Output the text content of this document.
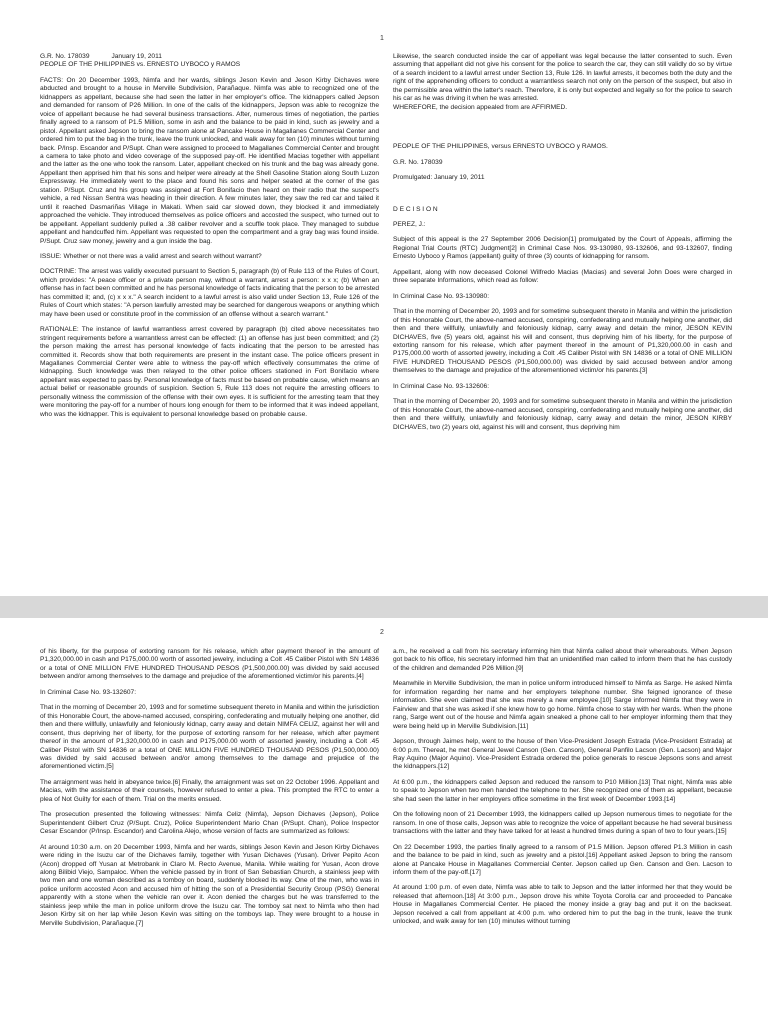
1

G.R. No. 178039            January 19, 2011

PEOPLE OF THE PHILIPPINES vs. ERNESTO UYBOCO y RAMOS

FACTS: On 20 December 1993, Nimfa and her wards, siblings Jeson Kevin and Jeson Kirby Dichaves were abducted and brought to a house in Merville Subdivision, Parañaque. Nimfa was able to recognized one of the kidnappers as appellant, because she had seen the latter in her employer's office. The kidnappers called Jepson and demanded for ransom of P26 Million. In one of the calls of the kidnappers, Jepson was able to recognize the voice of appellant because he had several business transactions. After, numerous times of negotiation, the parties finally agreed to a ransom of P1.5 Million, some in ash and the balance to be paid in kind, such as jewelry and a pistol. Appellant asked Jepson to bring the ransom alone at Pancake House in Magallanes Commercial Center and ordered him to put the bag in the trunk, leave the trunk unlocked, and walk away for ten (10) minutes without turning back. P/Insp. Escandor and P/Supt. Chan were assigned to proceed to Magallanes Commercial Center and brought a camera to take photo and video coverage of the supposed pay-off. He identified Macias together with appellant and the latter as the one who took the ransom. Later, appellant checked on his trunk and the bag was already gone. Appellant then apprised him that his sons and helper were already at the Shell Gasoline Station along South Luzon Expressway. He immediately went to the place and found his sons and helper seated at the corner of the gas station. P/Supt. Cruz and his group was assigned at Fort Bonifacio then heard on their radio that the suspect's vehicle, a red Nissan Sentra was heading in their direction. A few minutes later, they saw the red car and tailed it until it reached Dasmariñas Village in Makati. When said car slowed down, they blocked it and immediately approached the vehicle. They introduced themselves as police officers and accosted the suspect, who turned out to be appellant. Appellant suddenly pulled a .38 caliber revolver and a scuffle took place. They managed to subdue appellant and handcuffed him. Appellant was requested to open the compartment and a gray bag was found inside. P/Supt. Cruz saw money, jewelry and a gun inside the bag.

ISSUE: Whether or not there was a valid arrest and search without warrant?

DOCTRINE: The arrest was validly executed pursuant to Section 5, paragraph (b) of Rule 113 of the Rules of Court, which provides: "A peace officer or a private person may, without a warrant, arrest a person: x x x; (b) When an offense has in fact been committed and he has personal knowledge of facts indicating that the person to be arrested has committed it; and, (c) x x x." A search incident to a lawful arrest is also valid under Section 13, Rule 126 of the Rules of Court which states: "A person lawfully arrested may be searched for dangerous weapons or anything which may have been used or constitute proof in the commission of an offense without a search warrant."

RATIONALE: The instance of lawful warrantless arrest covered by paragraph (b) cited above necessitates two stringent requirements before a warrantless arrest can be effected: (1) an offense has just been committed; and (2) the person making the arrest has personal knowledge of facts indicating that the person to be arrested has committed it. Records show that both requirements are present in the instant case. The police officers present in Magallanes Commercial Center were able to witness the pay-off which effectively consummates the crime of kidnapping. Such knowledge was then relayed to the other police officers stationed in Fort Bonifacio where appellant was expected to pass by. Personal knowledge of facts must be based on probable cause, which means an actual belief or reasonable grounds of suspicion. Section 5, Rule 113 does not require the arresting officers to personally witness the commission of the offense with their own eyes. It is sufficient for the arresting team that they were monitoring the pay-off for a number of hours long enough for them to be informed that it was indeed appellant, who was the kidnapper. This is equivalent to personal knowledge based on probable cause.

Likewise, the search conducted inside the car of appellant was legal because the latter consented to such. Even assuming that appellant did not give his consent for the police to search the car, they can still validly do so by virtue of a search incident to a lawful arrest under Section 13, Rule 126. In lawful arrests, it becomes both the duty and the right of the apprehending officers to conduct a warrantless search not only on the person of the suspect, but also in the permissible area within the latter's reach. Therefore, it is only but expected and legally so for the police to search his car as he was driving it when he was arrested.

WHEREFORE, the decision appealed from are AFFIRMED.

PEOPLE OF THE PHILIPPINES, versus ERNESTO UYBOCO y RAMOS.

G.R. No. 178039

Promulgated: January 19, 2011

D E C I S I O N

PEREZ, J.:

Subject of this appeal is the 27 September 2006 Decision[1] promulgated by the Court of Appeals, affirming the Regional Trial Courts (RTC) Judgment[2] in Criminal Case Nos. 93-130980, 93-132606, and 93-132607, finding Ernesto Uyboco y Ramos (appellant) guilty of three (3) counts of kidnapping for ransom.

Appellant, along with now deceased Colonel Wilfredo Macias (Macias) and several John Does were charged in three separate Informations, which read as follow:

In Criminal Case No. 93-130980:

That in the morning of December 20, 1993 and for sometime subsequent thereto in Manila and within the jurisdiction of this Honorable Court, the above-named accused, conspiring, confederating and mutually helping one another, did then and there willfully, unlawfully and feloniously kidnap, carry away and detain the minor, JESON KEVIN DICHAVES, five (5) years old, against his will and consent, thus depriving him of his liberty, for the purpose of extorting ransom for his release, which after payment thereof in the amount of P1,320,000.00 in cash and P175,000.00 worth of assorted jewelry, including a Colt .45 Caliber Pistol with SN 14836 or a total of ONE MILLION FIVE HUNDRED THOUSAND PESOS (P1,500,000.00) was divided by said accused between and/or among themselves to the damage and prejudice of the aforementioned victim/or his parents.[3]

In Criminal Case No. 93-132606:

That in the morning of December 20, 1993 and for sometime subsequent thereto in Manila and within the jurisdiction of this Honorable Court, the above-named accused, conspiring, confederating and mutually helping one another, did then and there willfully, unlawfully and feloniously kidnap, carry away and detain the minor, JESON KIRBY DICHAVES, two (2) years old, against his will and consent, thus depriving him

2

of his liberty, for the purpose of extorting ransom for his release, which after payment thereof in the amount of P1,320,000.00 in cash and P175,000.00 worth of assorted jewelry, including a Colt .45 Caliber Pistol with SN 14836 or a total of ONE MILLION FIVE HUNDRED THOUSAND PESOS (P1,500,000.00) was divided by said accused between and/or among themselves to the damage and prejudice of the aforementioned victim/or his parents.[4]

In Criminal Case No. 93-132607:

That in the morning of December 20, 1993 and for sometime subsequent thereto in Manila and within the jurisdiction of this Honorable Court, the above-named accused, conspiring, confederating and mutually helping one another, did then and there willfully, unlawfully and feloniously kidnap, carry away and detain NIMFA CELIZ, against her will and consent, thus depriving her of liberty, for the purpose of extorting ransom for her release, which after payment thereof in the amount of P1,320,000.00 in cash and P175,000.00 worth of assorted jewelry, including a Colt .45 Caliber Pistol with SN 14836 or a total of ONE MILLION FIVE HUNDRED THOUSAND PESOS (P1,500,000.00) was divided by said accused between and/or among themselves to the damage and prejudice of the aforementioned victim.[5]

The arraignment was held in abeyance twice.[6] Finally, the arraignment was set on 22 October 1996. Appellant and Macias, with the assistance of their counsels, however refused to enter a plea. This prompted the RTC to enter a plea of Not Guilty for each of them. Trial on the merits ensued.

The prosecution presented the following witnesses: Nimfa Celiz (Nimfa), Jepson Dichaves (Jepson), Police Superintendent Gilbert Cruz (P/Supt. Cruz), Police Superintendent Mario Chan (P/Supt. Chan), Police Inspector Cesar Escandor (P/Insp. Escandor) and Carolina Alejo, whose version of facts are summarized as follows:

At around 10:30 a.m. on 20 December 1993, Nimfa and her wards, siblings Jeson Kevin and Jeson Kirby Dichaves were riding in the Isuzu car of the Dichaves family, together with Yusan Dichaves (Yusan). Driver Pepito Acon (Acon) dropped off Yusan at Metrobank in Claro M. Recto Avenue, Manila. While waiting for Yusan, Acon drove along Bilibid Viejo, Sampaloc. When the vehicle passed by in front of San Sebastian Church, a stainless jeep with two men and one woman described as a tomboy on board, suddenly blocked its way. One of the men, who was in police uniform accosted Acon and accused him of hitting the son of a Presidential Security Group (PSG) General apparently with a stone when the vehicle ran over it. Acon denied the charges but he was transferred to the stainless jeep while the man in police uniform drove the Isuzu car. The tomboy sat next to Nimfa who then had Jeson Kirby sit on her lap while Jeson Kevin was sitting on the tomboys lap. They were brought to a house in Merville Subdivision, Parañaque.[7]

a.m., he received a call from his secretary informing him that Nimfa called about their whereabouts. When Jepson got back to his office, his secretary informed him that an unidentified man called to inform them that he has custody of the children and demanded P26 Million.[9]

Meanwhile in Merville Subdivision, the man in police uniform introduced himself to Nimfa as Sarge. He asked Nimfa for information regarding her name and her employers telephone number. She feigned ignorance of these information. She even claimed that she was merely a new employee.[10] Sarge informed Nimfa that they were in Fairview and that she was asked if she knew how to go home. Nimfa chose to stay with her wards. When the phone rang, Sarge went out of the house and Nimfa again sneaked a phone call to her employer informing them that they were being held up in Merville Subdivision.[11]

Jepson, through Jaimes help, went to the house of then Vice-President Joseph Estrada (Vice-President Estrada) at 6:00 p.m. Thereat, he met General Jewel Canson (Gen. Canson), General Panfilo Lacson (Gen. Lacson) and Major Ray Aquino (Major Aquino). Vice-President Estrada ordered the police generals to rescue Jepsons sons and arrest the kidnappers.[12]

At 6:00 p.m., the kidnappers called Jepson and reduced the ransom to P10 Million.[13] That night, Nimfa was able to speak to Jepson when two men handed the telephone to her. She recognized one of them as appellant, because she had seen the latter in her employers office sometime in the first week of December 1993.[14]

On the following noon of 21 December 1993, the kidnappers called up Jepson numerous times to negotiate for the ransom. In one of those calls, Jepson was able to recognize the voice of appellant because he had several business transactions with the latter and they have talked for at least a hundred times during a span of two to four years.[15]

On 22 December 1993, the parties finally agreed to a ransom of P1.5 Million. Jepson offered P1.3 Million in cash and the balance to be paid in kind, such as jewelry and a pistol.[16] Appellant asked Jepson to bring the ransom alone at Pancake House in Magallanes Commercial Center. Jepson called up Gen. Canson and Gen. Lacson to inform them of the pay-off.[17]

At around 1:00 p.m. of even date, Nimfa was able to talk to Jepson and the latter informed her that they would be released that afternoon.[18] At 3:00 p.m., Jepson drove his white Toyota Corolla car and proceeded to Pancake House in Magallanes Commercial Center. He placed the money inside a gray bag and put it on the backseat. Jepson received a call from appellant at 4:00 p.m. who ordered him to put the bag in the trunk, leave the trunk unlocked, and walk away for ten (10) minutes without turning
